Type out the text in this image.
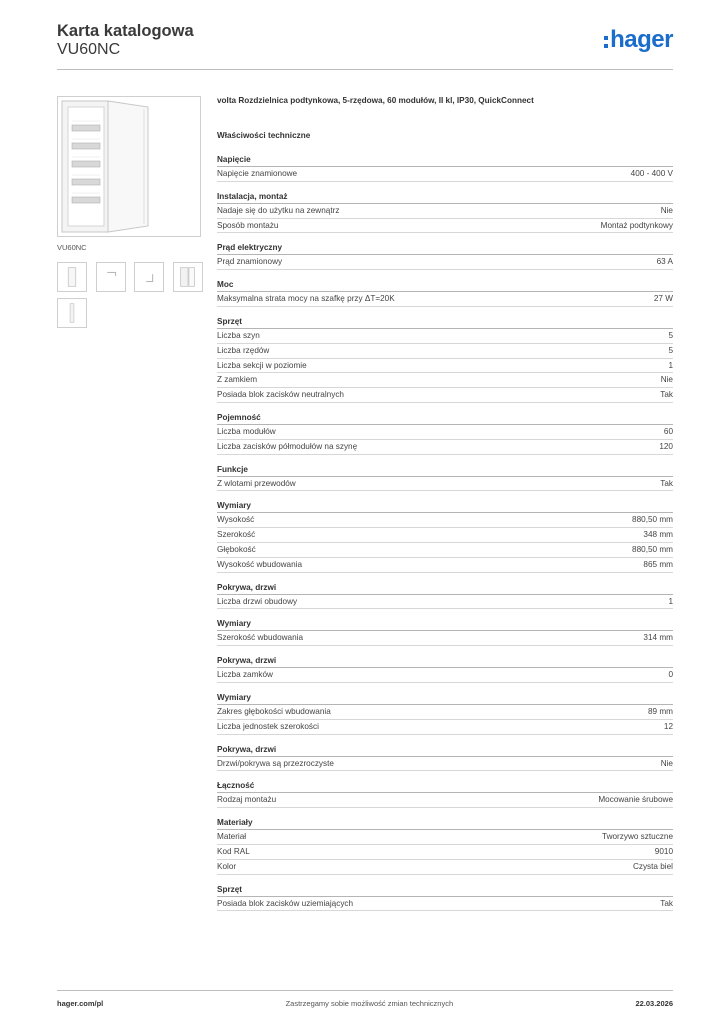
Karta katalogowa
VU60NC	hager
VU60NC
volta Rozdzielnica podtynkowa, 5-rzędowa, 60 modułów, II kl, IP30, QuickConnect
Właściwości techniczne
Napięcie
Napięcie znamionowe	400 - 400 V
Instalacja, montaż
Nadaje się do użytku na zewnątrz	Nie
Sposób montażu	Montaż podtynkowy
Prąd elektryczny
Prąd znamionowy	63 A
Moc
Maksymalna strata mocy na szafkę przy ΔT=20K	27 W
Sprzęt
Liczba szyn	5
Liczba rzędów	5
Liczba sekcji w poziomie	1
Z zamkiem	Nie
Posiada blok zacisków neutralnych	Tak
Pojemność
Liczba modułów	60
Liczba zacisków półmodułów na szynę	120
Funkcje
Z wlotami przewodów	Tak
Wymiary
Wysokość	880,50 mm
Szerokość	348 mm
Głębokość	880,50 mm
Wysokość wbudowania	865 mm
Pokrywa, drzwi
Liczba drzwi obudowy	1
Wymiary
Szerokość wbudowania	314 mm
Pokrywa, drzwi
Liczba zamków	0
Wymiary
Zakres głębokości wbudowania	89 mm
Liczba jednostek szerokości	12
Pokrywa, drzwi
Drzwi/pokrywa są przezroczyste	Nie
Łączność
Rodzaj montażu	Mocowanie śrubowe
Materiały
Materiał	Tworzywo sztuczne
Kod RAL	9010
Kolor	Czysta biel
Sprzęt
Posiada blok zacisków uziemiających	Tak
hager.com/pl	Zastrzegamy sobie możliwość zmian technicznych	22.03.2026
